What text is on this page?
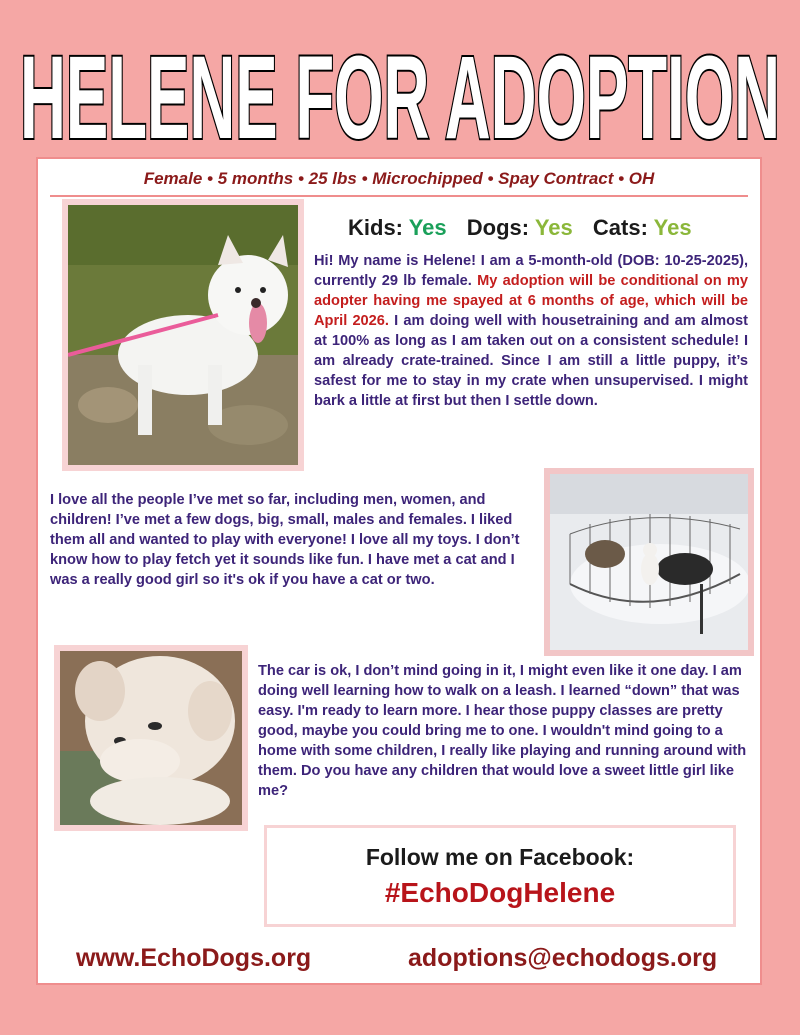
HELENE FOR ADOPTION
Female • 5 months • 25 lbs • Microchipped • Spay Contract • OH
Kids: Yes Dogs: Yes Cats: Yes
Hi! My name is Helene! I am a 5-month-old (DOB: 10-25-2025), currently 29 lb female. My adoption will be conditional on my adopter having me spayed at 6 months of age, which will be April 2026. I am doing well with housetraining and am almost at 100% as long as I am taken out on a consistent schedule! I am already crate-trained. Since I am still a little puppy, it’s safest for me to stay in my crate when unsupervised. I might bark a little at first but then I settle down.
I love all the people I’ve met so far, including men, women, and children! I’ve met a few dogs, big, small, males and females. I liked them all and wanted to play with everyone! I love all my toys. I don’t know how to play fetch yet it sounds like fun. I have met a cat and I was a really good girl so it's ok if you have a cat or two.
The car is ok, I don’t mind going in it, I might even like it one day. I am doing well learning how to walk on a leash. I learned “down” that was easy. I'm ready to learn more. I hear those puppy classes are pretty good, maybe you could bring me to one. I wouldn't mind going to a home with some children, I really like playing and running around with them. Do you have any children that would love a sweet little girl like me?
Follow me on Facebook:
#EchoDogHelene
www.EchoDogs.org	adoptions@echodogs.org
